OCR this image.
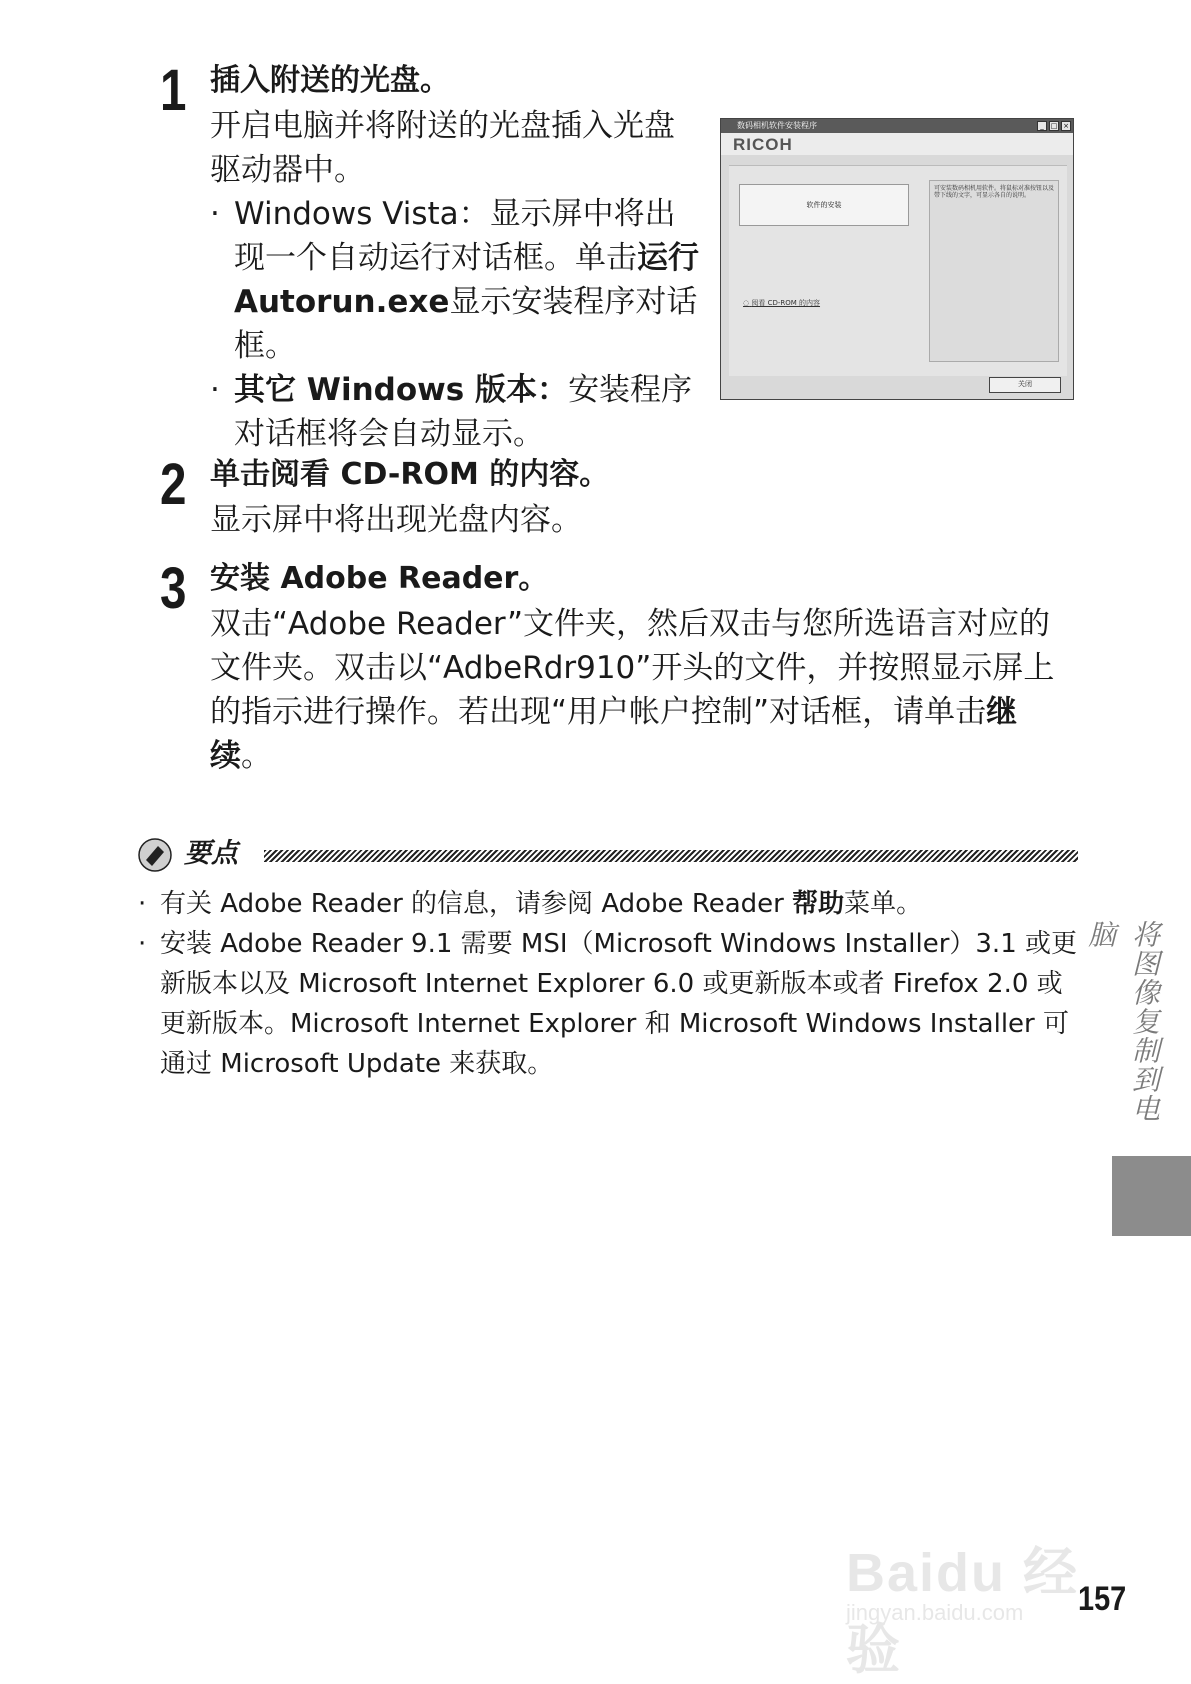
1 插入附送的光盘。

开启电脑并将附送的光盘插入光盘驱动器中。

· Windows Vista：显示屏中将出现一个自动运行对话框。单击运行 Autorun.exe显示安装程序对话框。
· 其它 Windows 版本：安装程序对话框将会自动显示。
数码相机软件安装程序	_ □ ×
RICOH
软件的安装
可安装数码相机用软件。将鼠标对准按钮以及带下线的文字，可显示各自的说明。
◌ 阅看 CD-ROM 的内容
关闭
2 单击阅看 CD-ROM 的内容。

显示屏中将出现光盘内容。

3 安装 Adobe Reader。

双击“Adobe Reader”文件夹，然后双击与您所选语言对应的文件夹。双击以“AdbeRdr910”开头的文件，并按照显示屏上的指示进行操作。若出现“用户帐户控制”对话框，请单击继续。

要点
· 有关 Adobe Reader 的信息，请参阅 Adobe Reader 帮助菜单。
· 安装 Adobe Reader 9.1 需要 MSI（Microsoft Windows Installer）3.1 或更新版本以及 Microsoft Internet Explorer 6.0 或更新版本或者 Firefox 2.0 或更新版本。Microsoft Internet Explorer 和 Microsoft Windows Installer 可通过 Microsoft Update 来获取。	将图像复制到电脑
Baidu 经验
jingyan.baidu.com 157
